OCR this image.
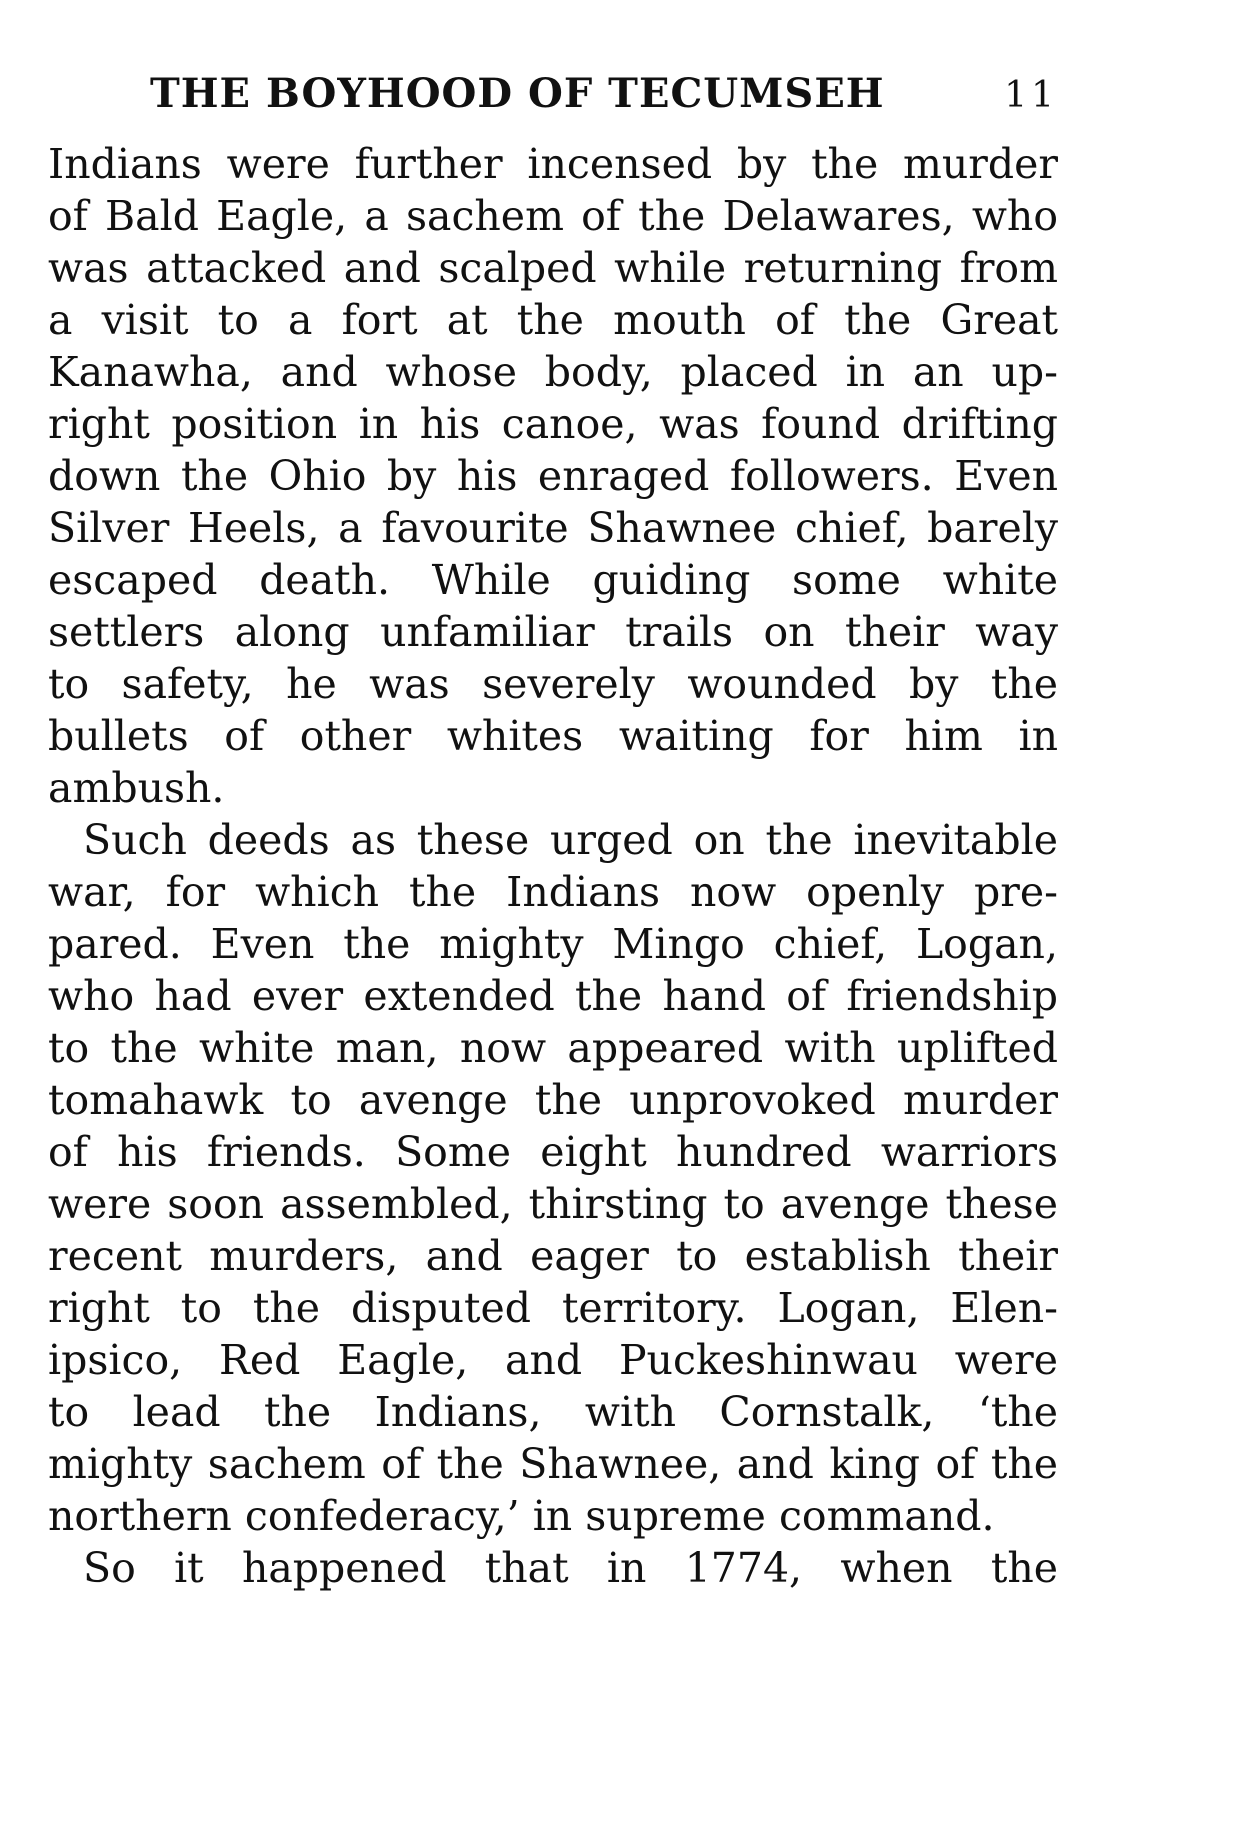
THE BOYHOOD OF TECUMSEH	11
Indians were further incensed by the murder
of Bald Eagle, a sachem of the Delawares, who
was attacked and scalped while returning from
a visit to a fort at the mouth of the Great
Kanawha, and whose body, placed in an up-
right position in his canoe, was found drifting
down the Ohio by his enraged followers. Even
Silver Heels, a favourite Shawnee chief, barely
escaped death. While guiding some white
settlers along unfamiliar trails on their way
to safety, he was severely wounded by the
bullets of other whites waiting for him in
ambush.
Such deeds as these urged on the inevitable
war, for which the Indians now openly pre-
pared. Even the mighty Mingo chief, Logan,
who had ever extended the hand of friendship
to the white man, now appeared with uplifted
tomahawk to avenge the unprovoked murder
of his friends. Some eight hundred warriors
were soon assembled, thirsting to avenge these
recent murders, and eager to establish their
right to the disputed territory. Logan, Elen-
ipsico, Red Eagle, and Puckeshinwau were
to lead the Indians, with Cornstalk, ‘the
mighty sachem of the Shawnee, and king of the
northern confederacy,’ in supreme command.
So it happened that in 1774, when the
